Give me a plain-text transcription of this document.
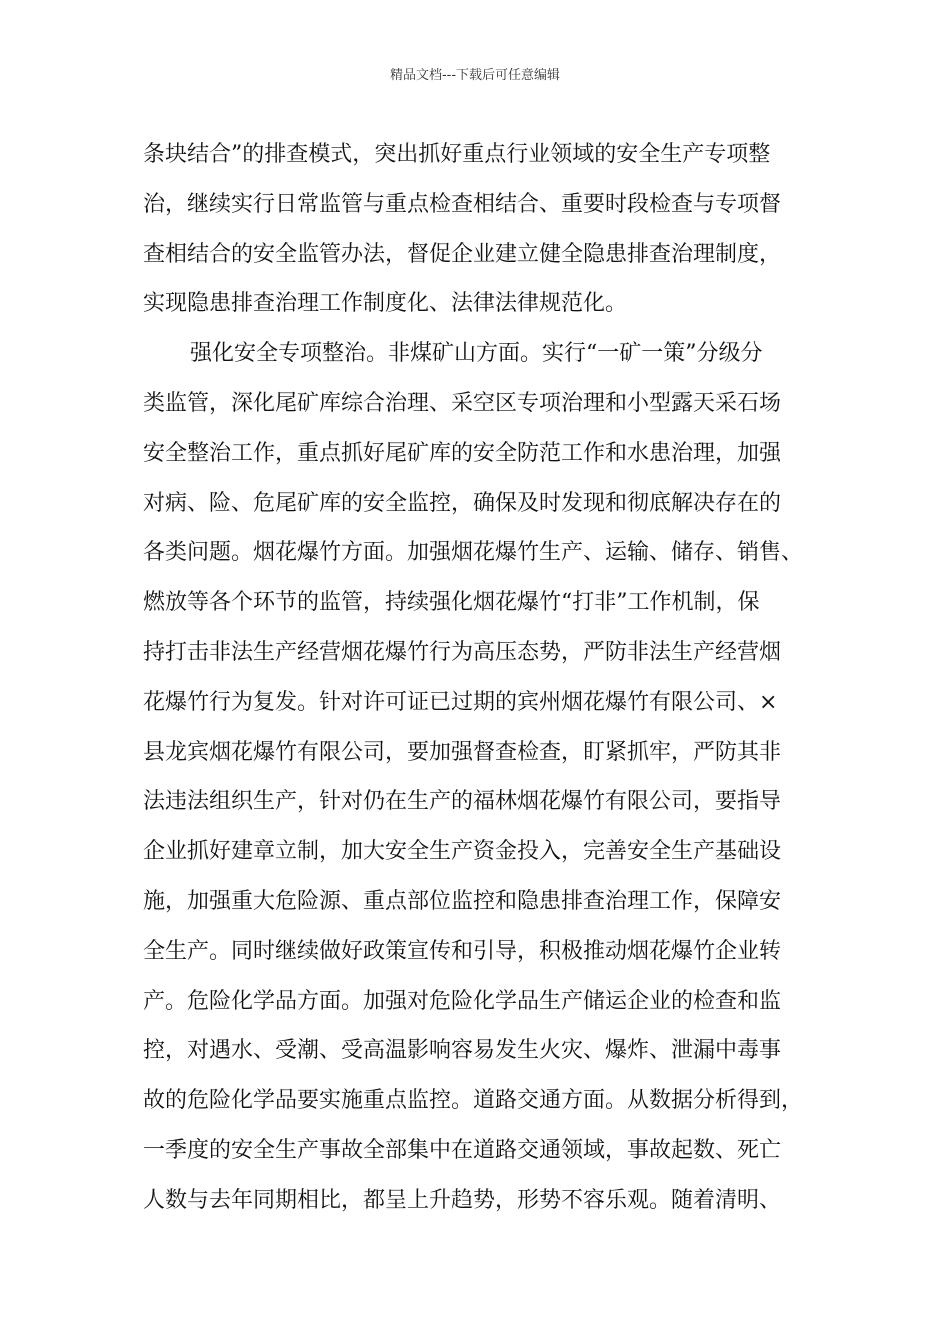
精品文档---下载后可任意编辑
条块结合”的排查模式，突出抓好重点行业领域的安全生产专项整
治，继续实行日常监管与重点检查相结合、重要时段检查与专项督
查相结合的安全监管办法，督促企业建立健全隐患排查治理制度，
实现隐患排查治理工作制度化、法律法律规范化。
强化安全专项整治。非煤矿山方面。实行“一矿一策”分级分
类监管，深化尾矿库综合治理、采空区专项治理和小型露天采石场
安全整治工作，重点抓好尾矿库的安全防范工作和水患治理，加强
对病、险、危尾矿库的安全监控，确保及时发现和彻底解决存在的
各类问题。烟花爆竹方面。加强烟花爆竹生产、运输、储存、销售、
燃放等各个环节的监管，持续强化烟花爆竹“打非”工作机制，保
持打击非法生产经营烟花爆竹行为高压态势，严防非法生产经营烟
花爆竹行为复发。针对许可证已过期的宾州烟花爆竹有限公司、×
县龙宾烟花爆竹有限公司，要加强督查检查，盯紧抓牢，严防其非
法违法组织生产，针对仍在生产的福林烟花爆竹有限公司，要指导
企业抓好建章立制，加大安全生产资金投入，完善安全生产基础设
施，加强重大危险源、重点部位监控和隐患排查治理工作，保障安
全生产。同时继续做好政策宣传和引导，积极推动烟花爆竹企业转
产。危险化学品方面。加强对危险化学品生产储运企业的检查和监
控，对遇水、受潮、受高温影响容易发生火灾、爆炸、泄漏中毒事
故的危险化学品要实施重点监控。道路交通方面。从数据分析得到，
一季度的安全生产事故全部集中在道路交通领域，事故起数、死亡
人数与去年同期相比，都呈上升趋势，形势不容乐观。随着清明、
